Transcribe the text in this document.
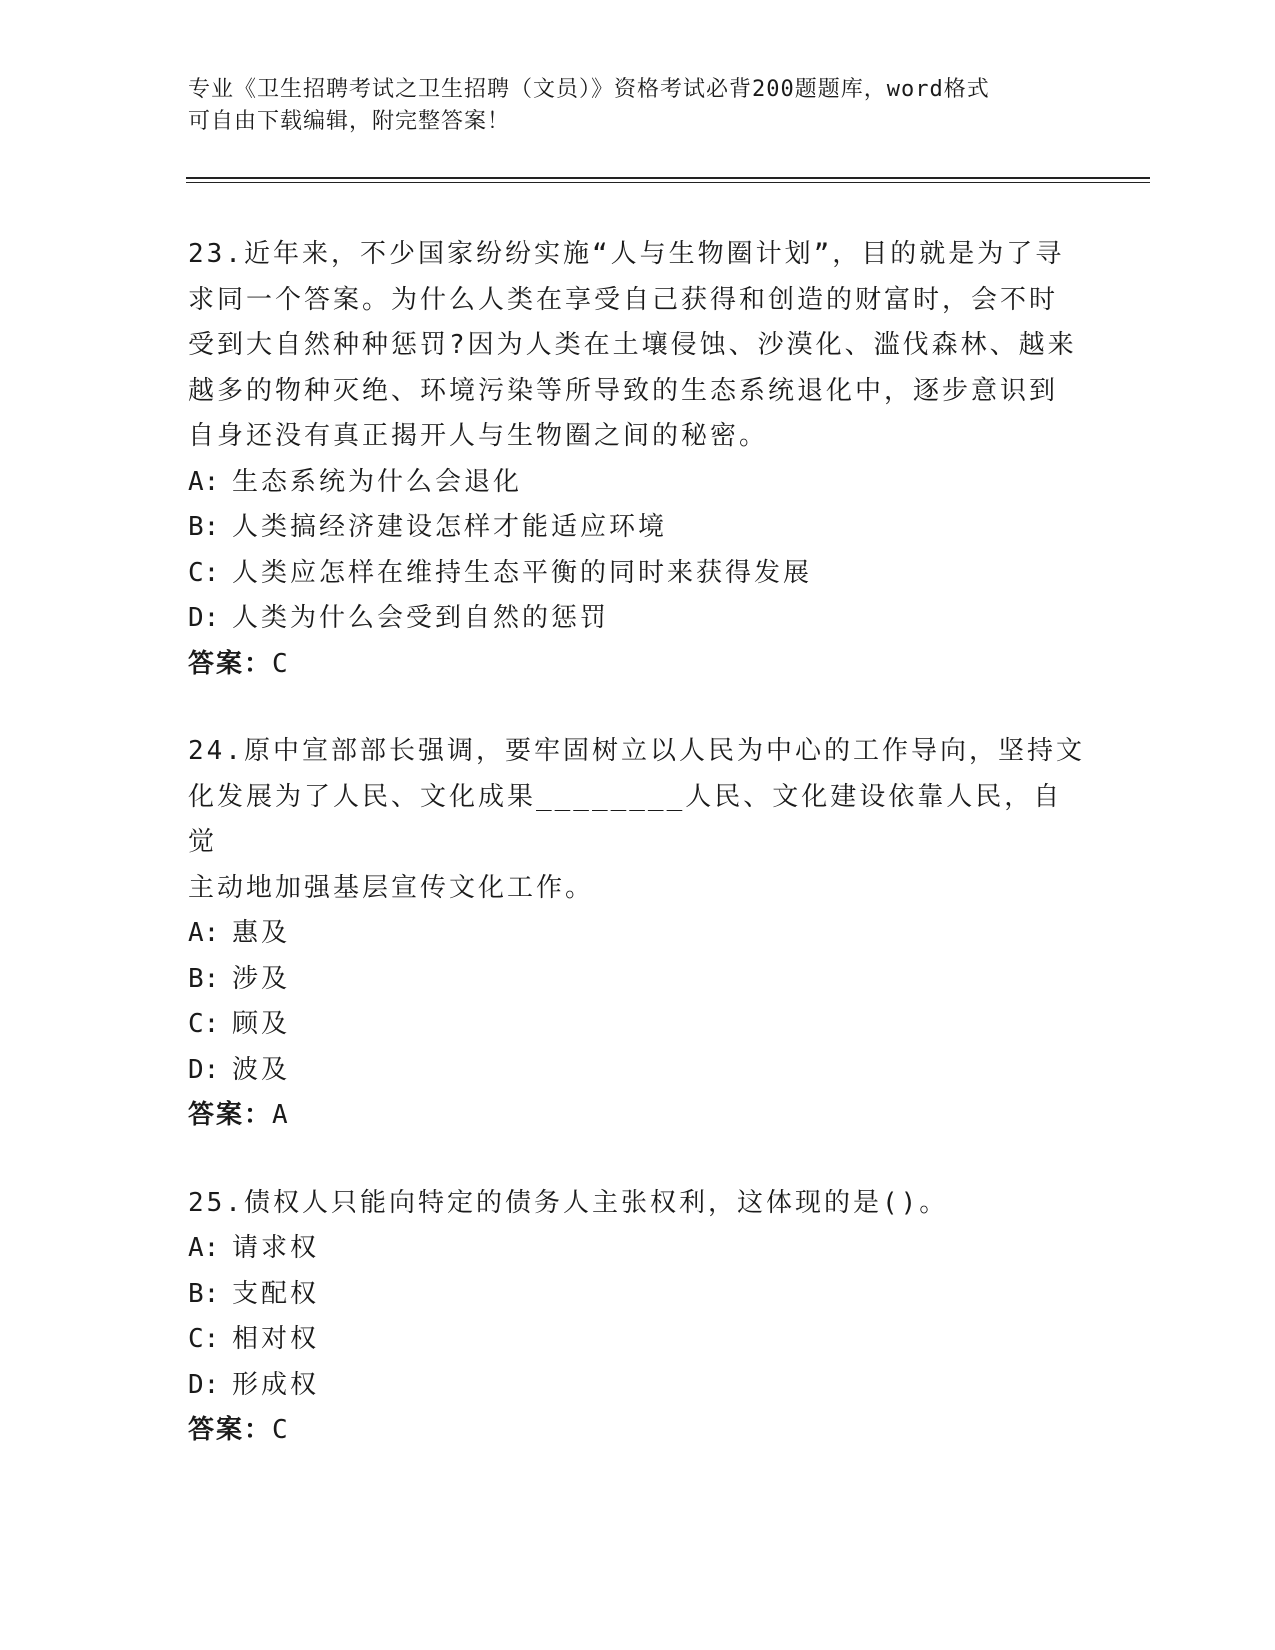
专业《卫生招聘考试之卫生招聘（文员）》资格考试必背200题题库，word格式
可自由下载编辑，附完整答案！

23.近年来，不少国家纷纷实施“人与生物圈计划”，目的就是为了寻

求同一个答案。为什么人类在享受自己获得和创造的财富时，会不时

受到大自然种种惩罚?因为人类在土壤侵蚀、沙漠化、滥伐森林、越来

越多的物种灭绝、环境污染等所导致的生态系统退化中，逐步意识到

自身还没有真正揭开人与生物圈之间的秘密。

A: 生态系统为什么会退化

B: 人类搞经济建设怎样才能适应环境

C: 人类应怎样在维持生态平衡的同时来获得发展

D: 人类为什么会受到自然的惩罚

答案：C

24.原中宣部部长强调，要牢固树立以人民为中心的工作导向，坚持文

化发展为了人民、文化成果________人民、文化建设依靠人民，自觉

主动地加强基层宣传文化工作。

A: 惠及

B: 涉及

C: 顾及

D: 波及

答案：A

25.债权人只能向特定的债务人主张权利，这体现的是()。

A: 请求权

B: 支配权

C: 相对权

D: 形成权

答案：C
